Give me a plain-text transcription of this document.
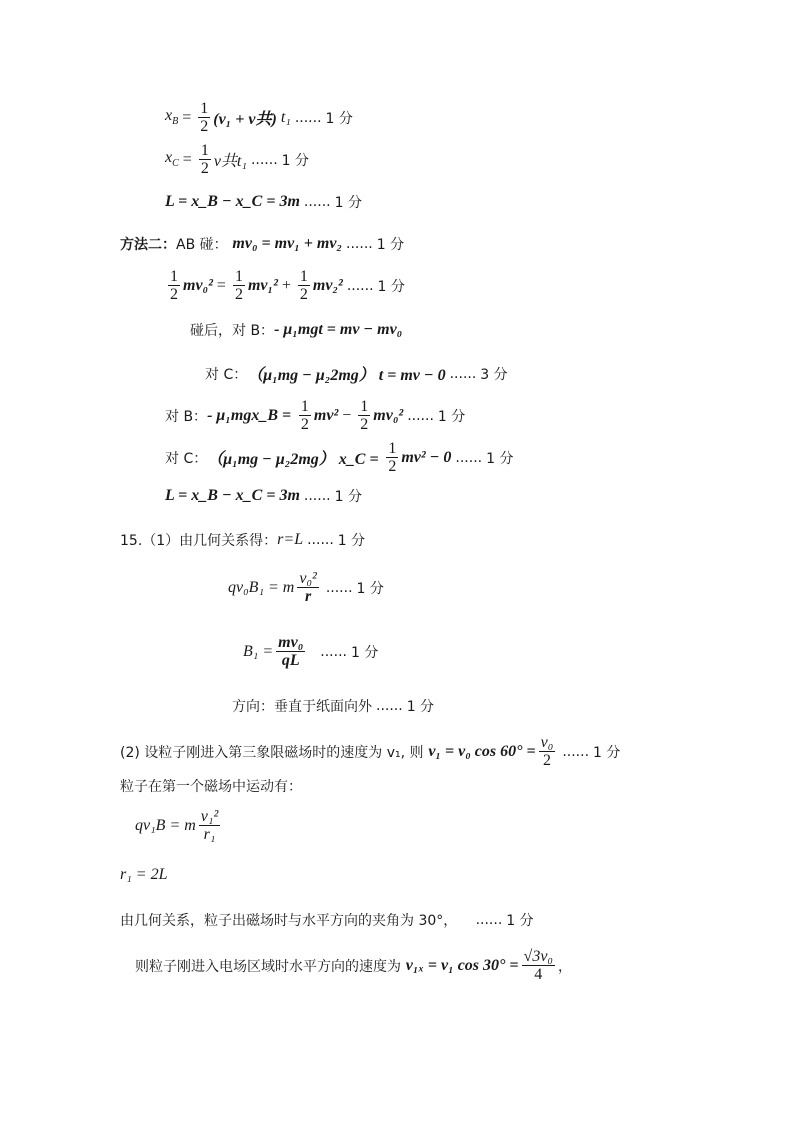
$x_B = \frac{1}{2} (v_1 + v$共)
t₁ ...... 1 分
$x_C = \frac{1}{2}$ v共t₁ ...... 1 分
L = x_B − x_C = 3m ...... 1 分
方法二： AB 碰：
mv₀ = mv₁ + mv₂ ...... 1 分
$\frac{1}{2} mv_0^2 = \frac{1}{2} mv_1^2 + \frac{1}{2} mv_2^2$ ...... 1 分
碰后，对 B： - μ₁mgt = mv − mv₀
对 C： （μ₁mg − μ₂2mg） t = mv − 0 ...... 3 分
对 B： - μ₁mgx_B =
$\frac{1}{2} mv^2 - \frac{1}{2} mv_0^2$ ...... 1 分
对 C： （μ₁mg − μ₂2mg） x_C =
$\frac{1}{2} mv^2 - 0$ ...... 1 分
L = x_B − x_C = 3m ...... 1 分
15.（1）由几何关系得： r=L ...... 1 分
qv₀B₁ = m $\frac{\text{v₀²}}{r}$ ...... 1 分
$B_1 = \frac{\text{mv₀}}{qL}$
...... 1 分
方向：垂直于纸面向外 ...... 1 分
(2) 设粒子刚进入第三象限磁场时的速度为 v₁, 则
v₁ = v₀ $\cos 60^\circ = \frac{\text{v₀}}{2}$ ...... 1 分
粒子在第一个磁场中运动有：
qv₁B = m $\frac{\text{v₁²}}{\text{r₁}}$
r₁ = 2L
由几何关系，粒子出磁场时与水平方向的夹角为 30°，
...... 1 分
则粒子刚进入电场区域时水平方向的速度为
v₁ₓ = v₁ $\cos 30^\circ = \frac{\text{√3v₀}}{4}$ ，
